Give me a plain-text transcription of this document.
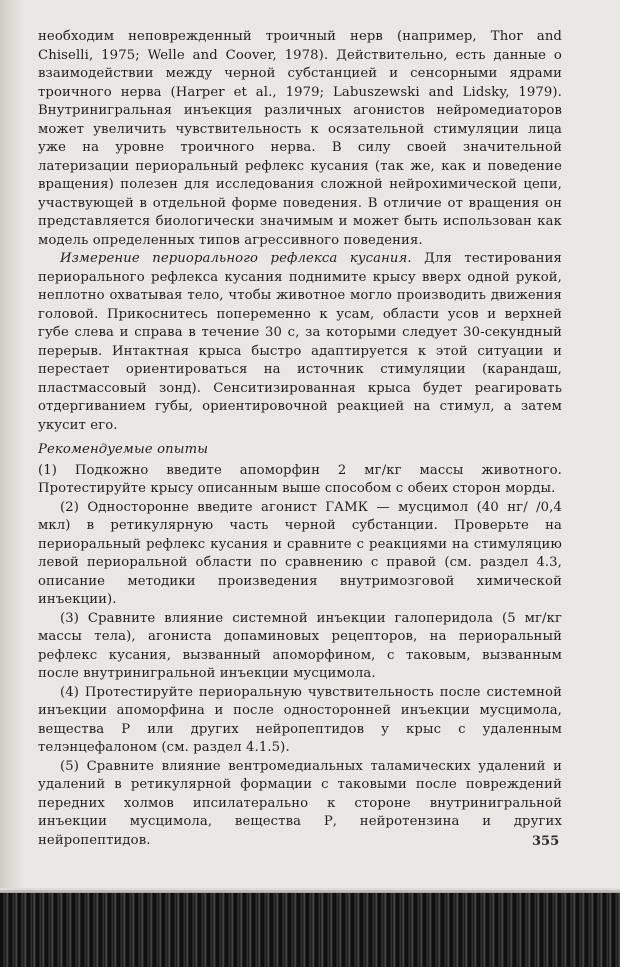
необходим неповрежденный троичный нерв (например, Thor and Chiselli, 1975; Welle and Coover, 1978). Действительно, есть данные о взаимодействии между черной субстанцией и сенсорными ядрами троичного нерва (Harper et al., 1979; Labuszewski and Lidsky, 1979). Внутринигральная инъекция различных агонистов нейромедиаторов может увеличить чувствительность к осязательной стимуляции лица уже на уровне троичного нерва. В силу своей значительной латеризации периоральный рефлекс кусания (так же, как и поведение вращения) полезен для исследования сложной нейрохимической цепи, участвующей в отдельной форме поведения. В отличие от вращения он представляется биологически значимым и может быть использован как модель определенных типов агрессивного поведения.

Измерение периорального рефлекса кусания. Для тестирования периорального рефлекса кусания поднимите крысу вверх одной рукой, неплотно охватывая тело, чтобы животное могло производить движения головой. Прикоснитесь попеременно к усам, области усов и верхней губе слева и справа в течение 30 с, за которыми следует 30-секундный перерыв. Интактная крыса быстро адаптируется к этой ситуации и перестает ориентироваться на источник стимуляции (карандаш, пластмассовый зонд). Сенситизированная крыса будет реагировать отдергиванием губы, ориентировочной реакцией на стимул, а затем укусит его.

Рекомендуемые опыты

(1) Подкожно введите апоморфин 2 мг/кг массы животного. Протестируйте крысу описанным выше способом с обеих сторон морды.

(2) Односторонне введите агонист ГАМК — мусцимол (40 нг/ /0,4 мкл) в ретикулярную часть черной субстанции. Проверьте на периоральный рефлекс кусания и сравните с реакциями на стимуляцию левой периоральной области по сравнению с правой (см. раздел 4.3, описание методики произведения внутримозговой химической инъекции).

(3) Сравните влияние системной инъекции галоперидола (5 мг/кг массы тела), агониста допаминовых рецепторов, на периоральный рефлекс кусания, вызванный апоморфином, с таковым, вызванным после внутринигральной инъекции мусцимола.

(4) Протестируйте периоральную чувствительность после системной инъекции апоморфина и после односторонней инъекции мусцимола, вещества Р или других нейропептидов у крыс с удаленным телэнцефалоном (см. раздел 4.1.5).

(5) Сравните влияние вентромедиальных таламических удалений и удалений в ретикулярной формации с таковыми после повреждений передних холмов ипсилатерально к стороне внутринигральной инъекции мусцимола, вещества Р, нейротензина и других нейропептидов.	355
